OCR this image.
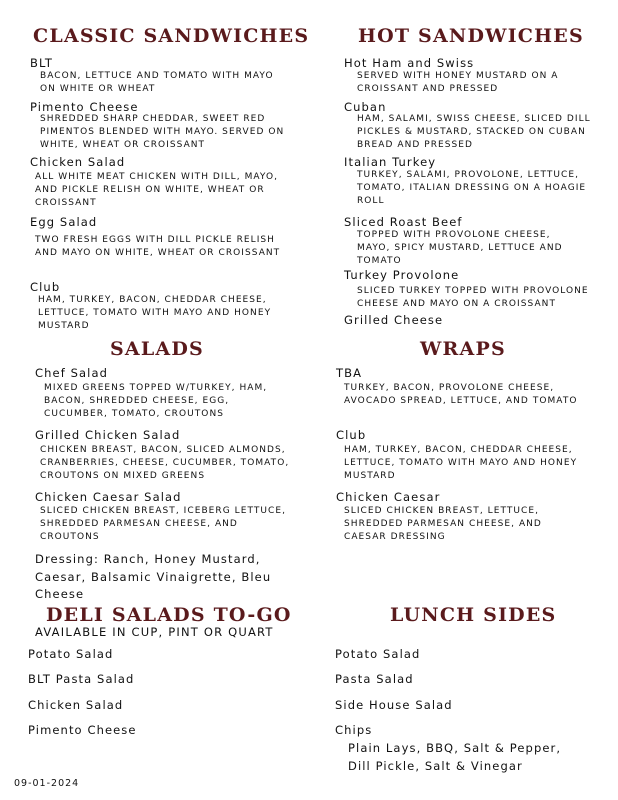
CLASSIC SANDWICHES
BLT
BACON, LETTUCE AND TOMATO WITH MAYO ON WHITE OR WHEAT
Pimento Cheese
SHREDDED SHARP CHEDDAR, SWEET RED PIMENTOS BLENDED WITH MAYO. SERVED ON WHITE, WHEAT OR CROISSANT
Chicken Salad
ALL WHITE MEAT CHICKEN WITH DILL, MAYO, AND PICKLE RELISH ON WHITE, WHEAT OR CROISSANT
Egg Salad
TWO FRESH EGGS WITH DILL PICKLE RELISH AND MAYO ON WHITE, WHEAT OR CROISSANT
Club
HAM, TURKEY, BACON, CHEDDAR CHEESE, LETTUCE, TOMATO WITH MAYO AND HONEY MUSTARD
HOT SANDWICHES
Hot Ham and Swiss
SERVED WITH HONEY MUSTARD ON A CROISSANT AND PRESSED
Cuban
HAM, SALAMI, SWISS CHEESE, SLICED DILL PICKLES & MUSTARD, STACKED ON CUBAN BREAD AND PRESSED
Italian Turkey
TURKEY, SALAMI, PROVOLONE, LETTUCE, TOMATO, ITALIAN DRESSING ON A HOAGIE ROLL
Sliced Roast Beef
TOPPED WITH PROVOLONE CHEESE, MAYO, SPICY MUSTARD, LETTUCE AND TOMATO
Turkey Provolone
SLICED TURKEY TOPPED WITH PROVOLONE CHEESE AND MAYO ON A CROISSANT
Grilled Cheese
SALADS
Chef Salad
MIXED GREENS TOPPED W/TURKEY, HAM, BACON, SHREDDED CHEESE, EGG, CUCUMBER, TOMATO, CROUTONS
Grilled Chicken Salad
CHICKEN BREAST, BACON, SLICED ALMONDS, CRANBERRIES, CHEESE, CUCUMBER, TOMATO, CROUTONS ON MIXED GREENS
Chicken Caesar Salad
SLICED CHICKEN BREAST, ICEBERG LETTUCE, SHREDDED PARMESAN CHEESE, AND CROUTONS
Dressing: Ranch, Honey Mustard, Caesar, Balsamic Vinaigrette, Bleu Cheese
WRAPS
TBA
TURKEY, BACON, PROVOLONE CHEESE, AVOCADO SPREAD, LETTUCE, AND TOMATO
Club
HAM, TURKEY, BACON, CHEDDAR CHEESE, LETTUCE, TOMATO WITH MAYO AND HONEY MUSTARD
Chicken Caesar
SLICED CHICKEN BREAST, LETTUCE, SHREDDED PARMESAN CHEESE, AND CAESAR DRESSING
DELI SALADS TO-GO
AVAILABLE IN CUP, PINT OR QUART
Potato Salad
BLT Pasta Salad
Chicken Salad
Pimento Cheese
LUNCH SIDES
Potato Salad
Pasta Salad
Side House Salad
Chips
Plain Lays, BBQ, Salt & Pepper, Dill Pickle, Salt & Vinegar
09-01-2024
